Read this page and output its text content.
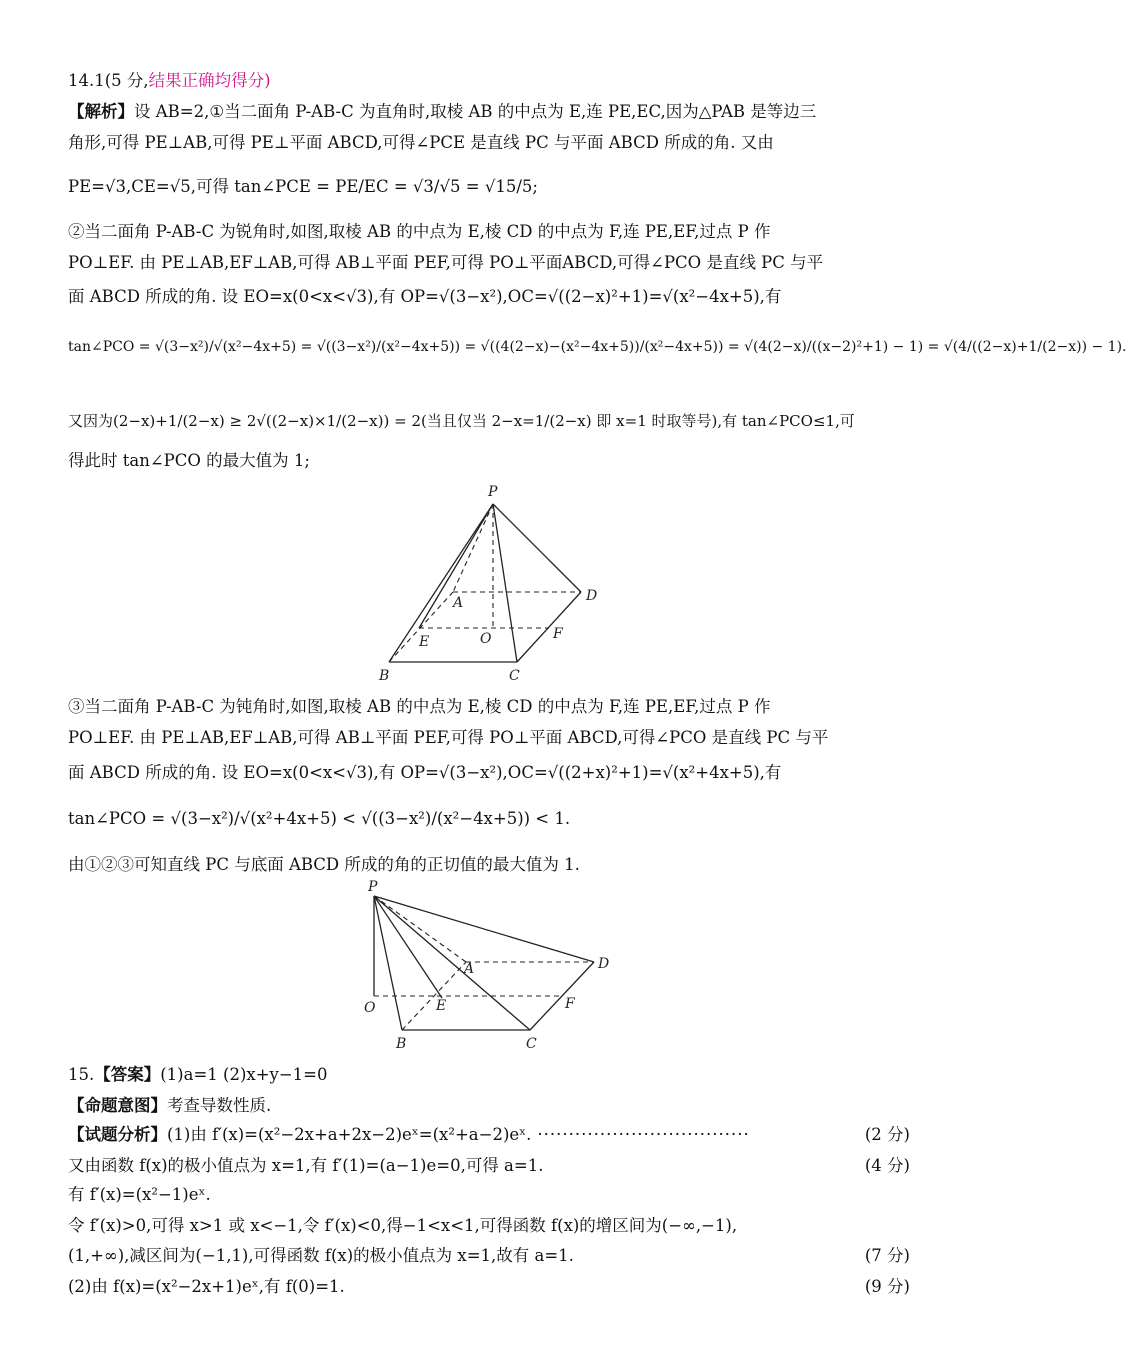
14.1(5 分,结果正确均得分)
【解析】设 AB=2,①当二面角 P-AB-C 为直角时,取棱 AB 的中点为 E,连 PE,EC,因为△PAB 是等边三
角形,可得 PE⊥AB,可得 PE⊥平面 ABCD,可得∠PCE 是直线 PC 与平面 ABCD 所成的角. 又由
PE=√3,CE=√5,可得 tan∠PCE = PE/EC = √3/√5 = √15/5;
②当二面角 P-AB-C 为锐角时,如图,取棱 AB 的中点为 E,棱 CD 的中点为 F,连 PE,EF,过点 P 作
PO⊥EF. 由 PE⊥AB,EF⊥AB,可得 AB⊥平面 PEF,可得 PO⊥平面ABCD,可得∠PCO 是直线 PC 与平
面 ABCD 所成的角. 设 EO=x(0<x<√3),有 OP=√(3−x²),OC=√((2−x)²+1)=√(x²−4x+5),有
tan∠PCO = √(3−x²)/√(x²−4x+5) = √((3−x²)/(x²−4x+5)) = √((4(2−x)−(x²−4x+5))/(x²−4x+5)) = √(4(2−x)/((x−2)²+1) − 1) = √(4/((2−x)+1/(2−x)) − 1).
又因为(2−x)+1/(2−x) ≥ 2√((2−x)×1/(2−x)) = 2(当且仅当 2−x=1/(2−x) 即 x=1 时取等号),有 tan∠PCO≤1,可
得此时 tan∠PCO 的最大值为 1;
P
A	D
E	O	F
B	C
③当二面角 P-AB-C 为钝角时,如图,取棱 AB 的中点为 E,棱 CD 的中点为 F,连 PE,EF,过点 P 作
PO⊥EF. 由 PE⊥AB,EF⊥AB,可得 AB⊥平面 PEF,可得 PO⊥平面 ABCD,可得∠PCO 是直线 PC 与平
面 ABCD 所成的角. 设 EO=x(0<x<√3),有 OP=√(3−x²),OC=√((2+x)²+1)=√(x²+4x+5),有
tan∠PCO = √(3−x²)/√(x²+4x+5) < √((3−x²)/(x²−4x+5)) < 1.
由①②③可知直线 PC 与底面 ABCD 所成的角的正切值的最大值为 1.
P
A	D
O	E	F
B	C
15.【答案】(1)a=1 (2)x+y−1=0
【命题意图】考查导数性质.
【试题分析】(1)由 f′(x)=(x²−2x+a+2x−2)eˣ=(x²+a−2)eˣ. ··································	(2 分)
又由函数 f(x)的极小值点为 x=1,有 f′(1)=(a−1)e=0,可得 a=1.	(4 分)
有 f′(x)=(x²−1)eˣ.
令 f′(x)>0,可得 x>1 或 x<−1,令 f′(x)<0,得−1<x<1,可得函数 f(x)的增区间为(−∞,−1),
(1,+∞),减区间为(−1,1),可得函数 f(x)的极小值点为 x=1,故有 a=1.	(7 分)
(2)由 f(x)=(x²−2x+1)eˣ,有 f(0)=1.	(9 分)
